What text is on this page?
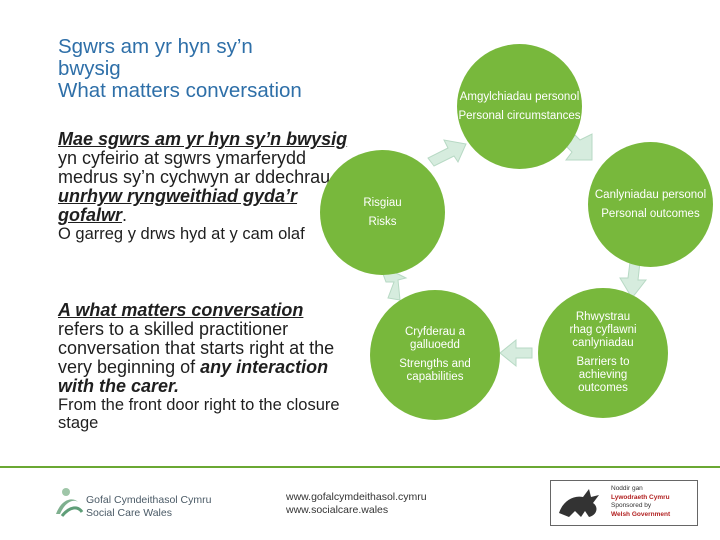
Sgwrs am yr hyn sy’n
bwysig
What matters conversation
Mae sgwrs am yr hyn sy’n bwysig yn cyfeirio at sgwrs ymarferydd medrus sy’n cychwyn ar ddechrau unrhyw ryngweithiad gyda’r gofalwr.
O garreg y drws hyd at y cam olaf
A what matters conversation
refers to a skilled practitioner conversation that starts right at the very beginning of any interaction with the carer.
From the front door right to the closure stage
Amgylchiadau personol
Personal circumstances
Canlyniadau personol
Personal outcomes
Risgiau
Risks
Cryfderau a galluoedd
Strengths and capabilities
Rhwystrau rhag cyflawni canlyniadau
Barriers to achieving outcomes
Gofal Cymdeithasol Cymru
Social Care Wales
www.gofalcymdeithasol.cymru
www.socialcare.wales
Noddir gan
Lywodraeth Cymru
Sponsored by
Welsh Government
